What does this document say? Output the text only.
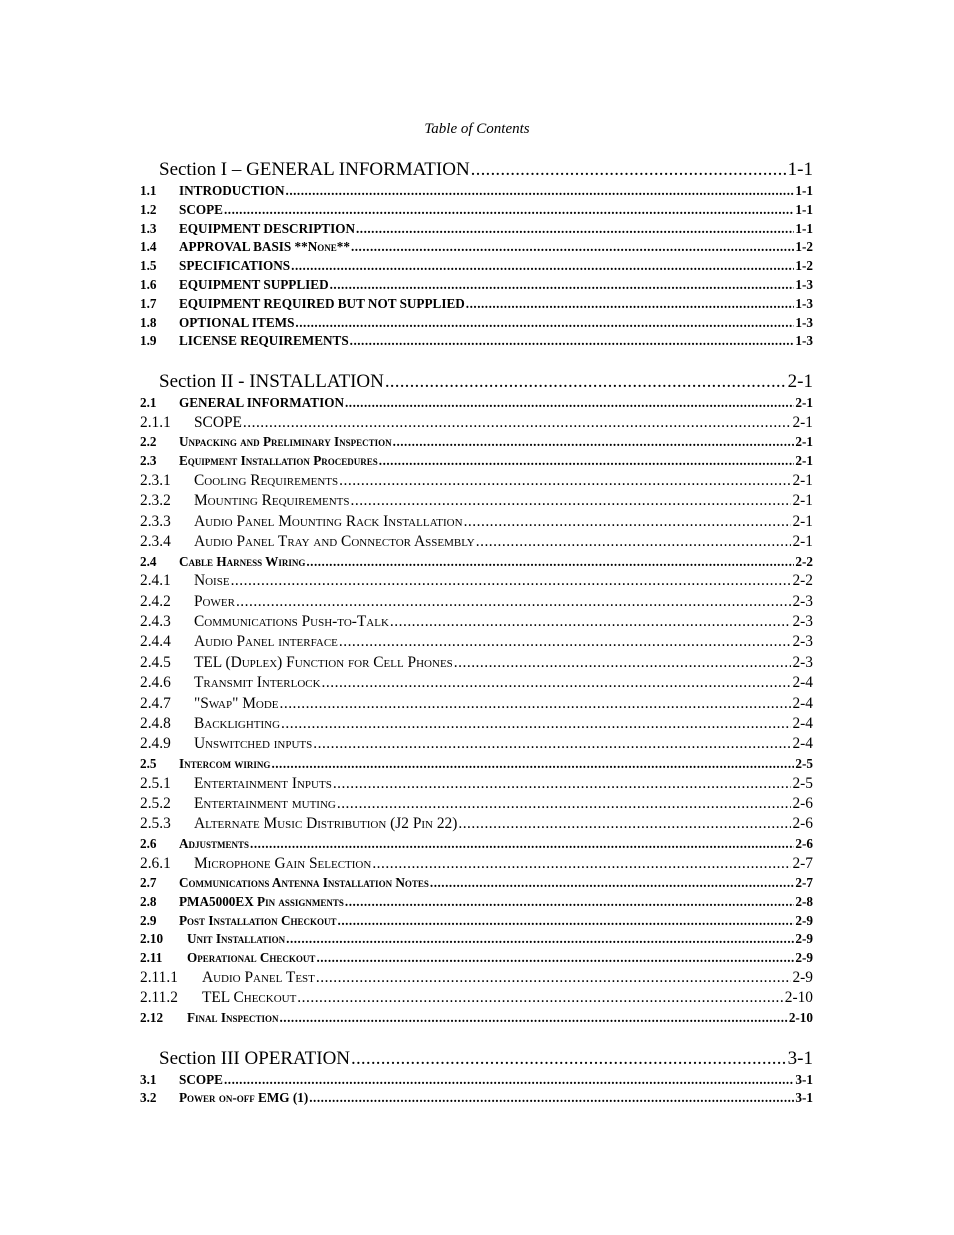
Table of Contents
Section I – GENERAL INFORMATION .....	1-1
1.1	INTRODUCTION .....	1-1
1.2	SCOPE .....	1-1
1.3	EQUIPMENT DESCRIPTION .....	1-1
1.4	APPROVAL BASIS **None** .....	1-2
1.5	SPECIFICATIONS .....	1-2
1.6	EQUIPMENT SUPPLIED .....	1-3
1.7	EQUIPMENT REQUIRED BUT NOT SUPPLIED .....	1-3
1.8	OPTIONAL ITEMS .....	1-3
1.9	LICENSE REQUIREMENTS .....	1-3
Section II - INSTALLATION .....	2-1
2.1	GENERAL INFORMATION .....	2-1
2.1.1	SCOPE .....	2-1
2.2	Unpacking and Preliminary Inspection .....	2-1
2.3	Equipment Installation Procedures .....	2-1
2.3.1	Cooling Requirements .....	2-1
2.3.2	Mounting Requirements .....	2-1
2.3.3	Audio Panel Mounting Rack Installation .....	2-1
2.3.4	Audio Panel Tray and Connector Assembly .....	2-1
2.4	Cable Harness Wiring .....	2-2
2.4.1	Noise .....	2-2
2.4.2	Power .....	2-3
2.4.3	Communications Push-to-Talk .....	2-3
2.4.4	Audio Panel interface .....	2-3
2.4.5	TEL (Duplex) Function for Cell Phones .....	2-3
2.4.6	Transmit Interlock .....	2-4
2.4.7	"Swap" Mode .....	2-4
2.4.8	Backlighting .....	2-4
2.4.9	Unswitched inputs .....	2-4
2.5	Intercom wiring .....	2-5
2.5.1	Entertainment Inputs .....	2-5
2.5.2	Entertainment muting .....	2-6
2.5.3	Alternate Music Distribution (J2 Pin 22) .....	2-6
2.6	Adjustments .....	2-6
2.6.1	Microphone Gain Selection .....	2-7
2.7	Communications Antenna Installation Notes .....	2-7
2.8	PMA5000EX Pin assignments .....	2-8
2.9	Post Installation Checkout .....	2-9
2.10	Unit Installation .....	2-9
2.11	Operational Checkout .....	2-9
2.11.1	Audio Panel Test .....	2-9
2.11.2	TEL Checkout .....	2-10
2.12	Final Inspection .....	2-10
Section III OPERATION .....	3-1
3.1	SCOPE .....	3-1
3.2	Power on-off EMG (1) .....	3-1
